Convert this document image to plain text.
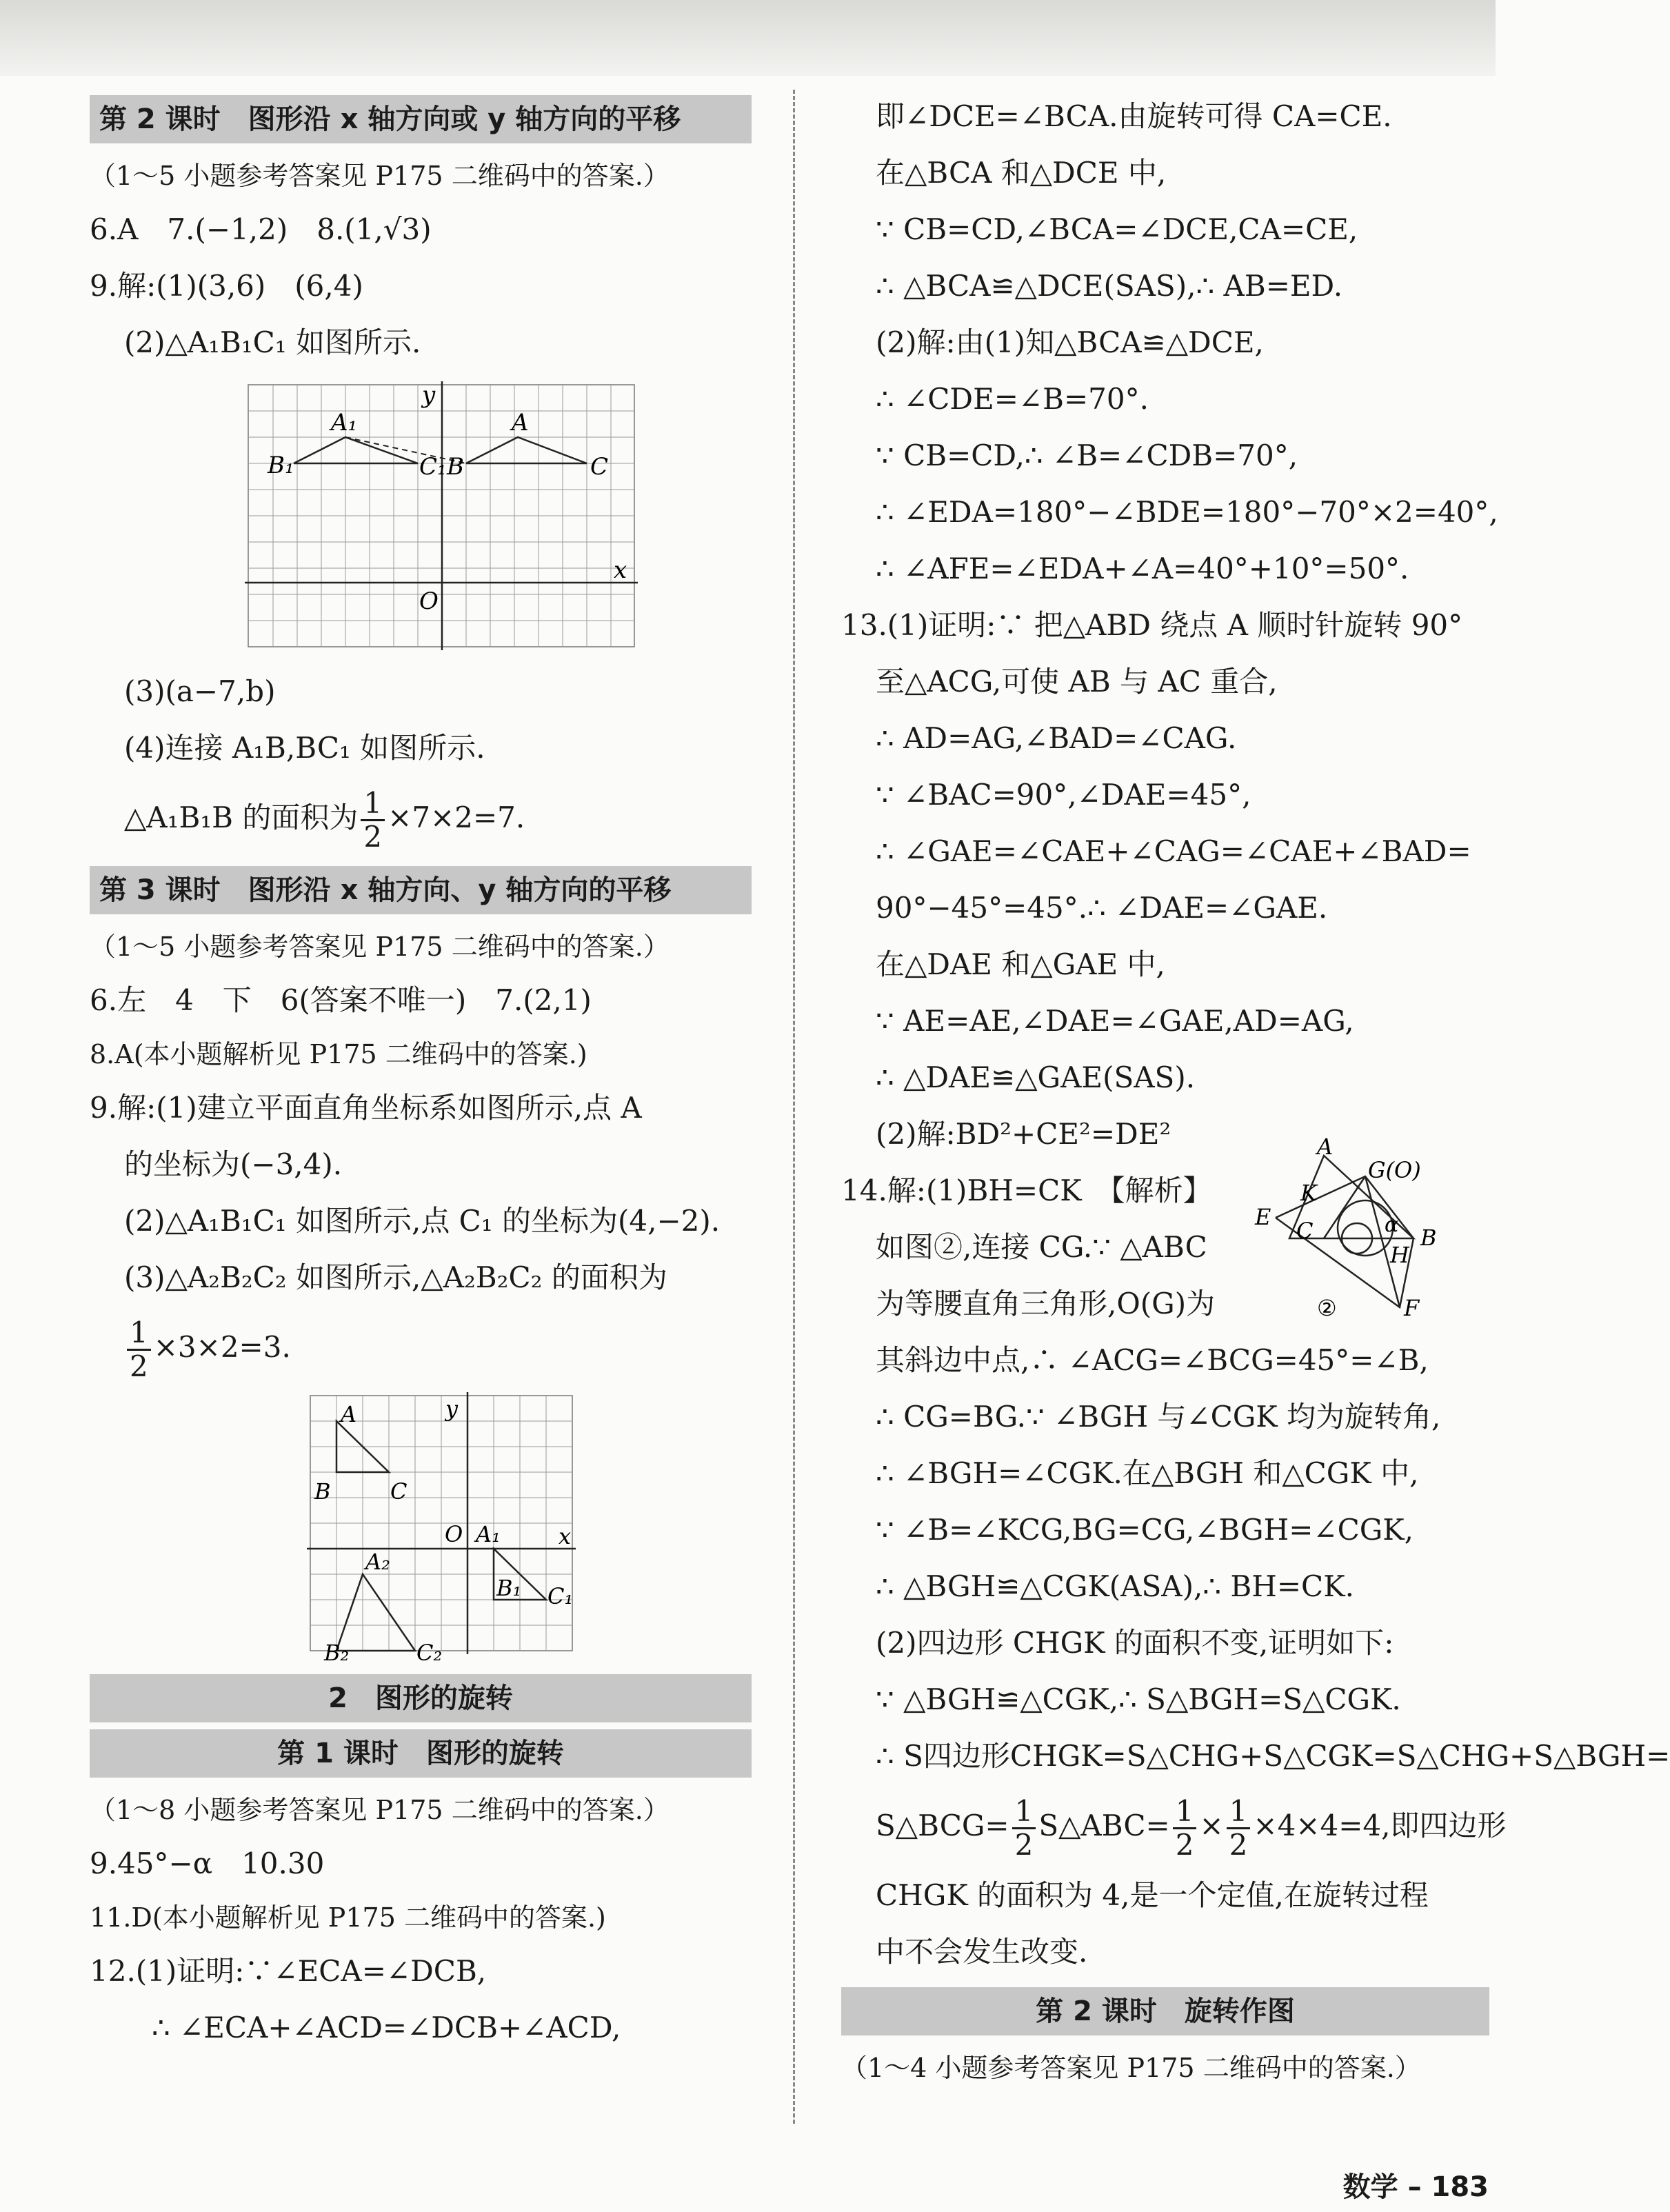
第 2 课时　图形沿 x 轴方向或 y 轴方向的平移
（1～5 小题参考答案见 P175 二维码中的答案.）
6.A　7.(−1,2)　8.(1,√3)
9.解:(1)(3,6)　(6,4)
(2)△A₁B₁C₁ 如图所示.
A₁	A
B₁	C₁ B	C
O
x
y
(3)(a−7,b)
(4)连接 A₁B,BC₁ 如图所示.
△A₁B₁B 的面积为 $\frac{1}{2} \times 7\times 2=7$.
第 3 课时　图形沿 x 轴方向、y 轴方向的平移
（1～5 小题参考答案见 P175 二维码中的答案.）
6.左　4　下　6(答案不唯一)　7.(2,1)
8.A(本小题解析见 P175 二维码中的答案.)
9.解:(1)建立平面直角坐标系如图所示,点 A
的坐标为(−3,4).
(2)△A₁B₁C₁ 如图所示,点 C₁ 的坐标为(4,−2).
(3)△A₂B₂C₂ 如图所示,△A₂B₂C₂ 的面积为
$\frac{1}{2} \times 3\times 2=3$.
A	y
B	C
O A₁	x
A₂
B₁ C₁
B₂	C₂
2　图形的旋转
第 1 课时　图形的旋转
（1～8 小题参考答案见 P175 二维码中的答案.）
9.45°−α　10.30
11.D(本小题解析见 P175 二维码中的答案.)
12.(1)证明:∵∠ECA=∠DCB,
∴ ∠ECA+∠ACD=∠DCB+∠ACD,
即∠DCE=∠BCA.由旋转可得 CA=CE.
在△BCA 和△DCE 中,
∵ CB=CD,∠BCA=∠DCE,CA=CE,
∴ △BCA≌△DCE(SAS),∴ AB=ED.
(2)解:由(1)知△BCA≌△DCE,
∴ ∠CDE=∠B=70°.
∵ CB=CD,∴ ∠B=∠CDB=70°,
∴ ∠EDA=180°−∠BDE=180°−70°×2=40°,
∴ ∠AFE=∠EDA+∠A=40°+10°=50°.
13.(1)证明:∵ 把△ABD 绕点 A 顺时针旋转 90°
至△ACG,可使 AB 与 AC 重合,
∴ AD=AG,∠BAD=∠CAG.
∵ ∠BAC=90°,∠DAE=45°,
∴ ∠GAE=∠CAE+∠CAG=∠CAE+∠BAD=
90°−45°=45°.∴ ∠DAE=∠GAE.
在△DAE 和△GAE 中,
∵ AE=AE,∠DAE=∠GAE,AD=AG,
∴ △DAE≌△GAE(SAS).
(2)解:BD²+CE²=DE²
14.解:(1)BH=CK　【解析】
如图②,连接 CG.∵ △ABC
为等腰直角三角形,O(G)为
A
K
G(O)
E
C	α
H
B
F
②
其斜边中点,∴ ∠ACG=∠BCG=45°=∠B,
∴ CG=BG.∵ ∠BGH 与∠CGK 均为旋转角,
∴ ∠BGH=∠CGK.在△BGH 和△CGK 中,
∵ ∠B=∠KCG,BG=CG,∠BGH=∠CGK,
∴ △BGH≌△CGK(ASA),∴ BH=CK.
(2)四边形 CHGK 的面积不变,证明如下:
∵ △BGH≌△CGK,∴ S△BGH=S△CGK.
∴ S四边形CHGK=S△CHG+S△CGK=S△CHG+S△BGH=
S△BCG= $\frac{1}{2}$ S△ABC= $\frac{1}{2} \times \frac{1}{2} \times 4\times 4=4$,即四边形
CHGK 的面积为 4,是一个定值,在旋转过程
中不会发生改变.
第 2 课时　旋转作图
（1～4 小题参考答案见 P175 二维码中的答案.）
数学 – 183
